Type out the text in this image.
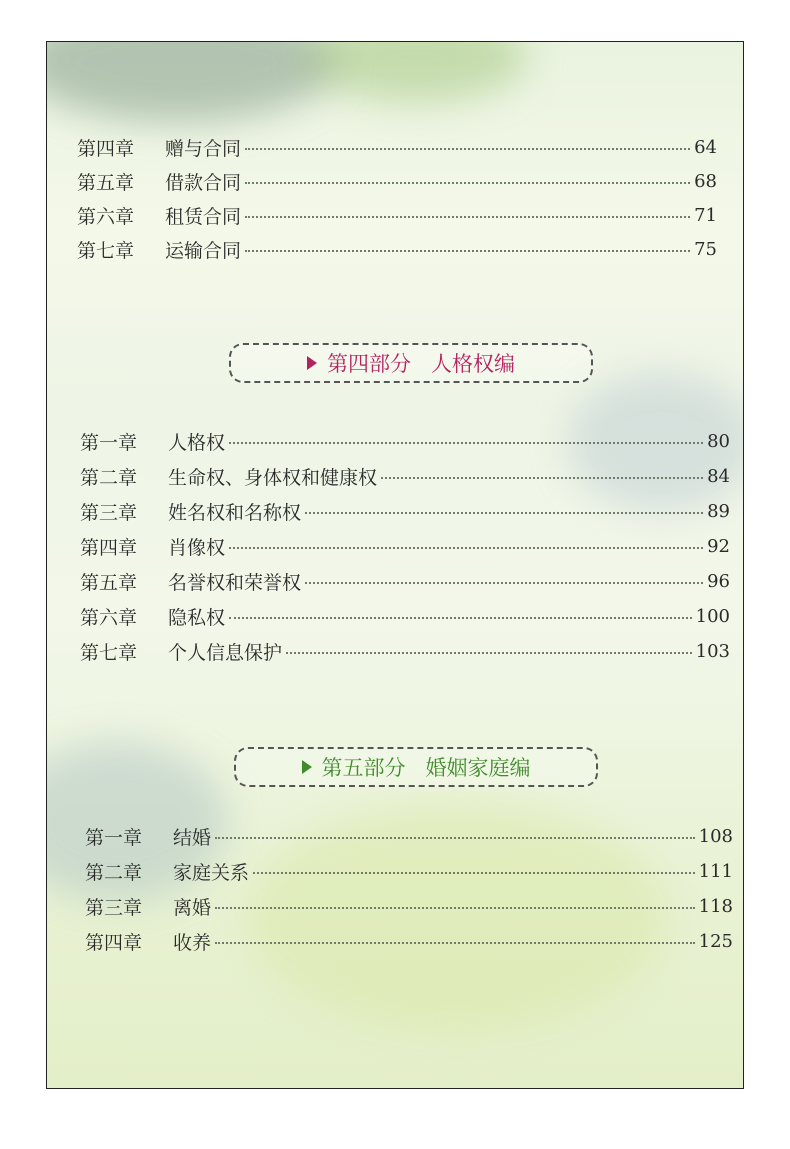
第四章	赠与合同	64
第五章	借款合同	68
第六章	租赁合同	71
第七章	运输合同	75
第四部分 人格权编
第一章	人格权	80
第二章	生命权、身体权和健康权	84
第三章	姓名权和名称权	89
第四章	肖像权	92
第五章	名誉权和荣誉权	96
第六章	隐私权	100
第七章	个人信息保护	103
第五部分 婚姻家庭编
第一章	结婚	108
第二章	家庭关系	111
第三章	离婚	118
第四章	收养	125
